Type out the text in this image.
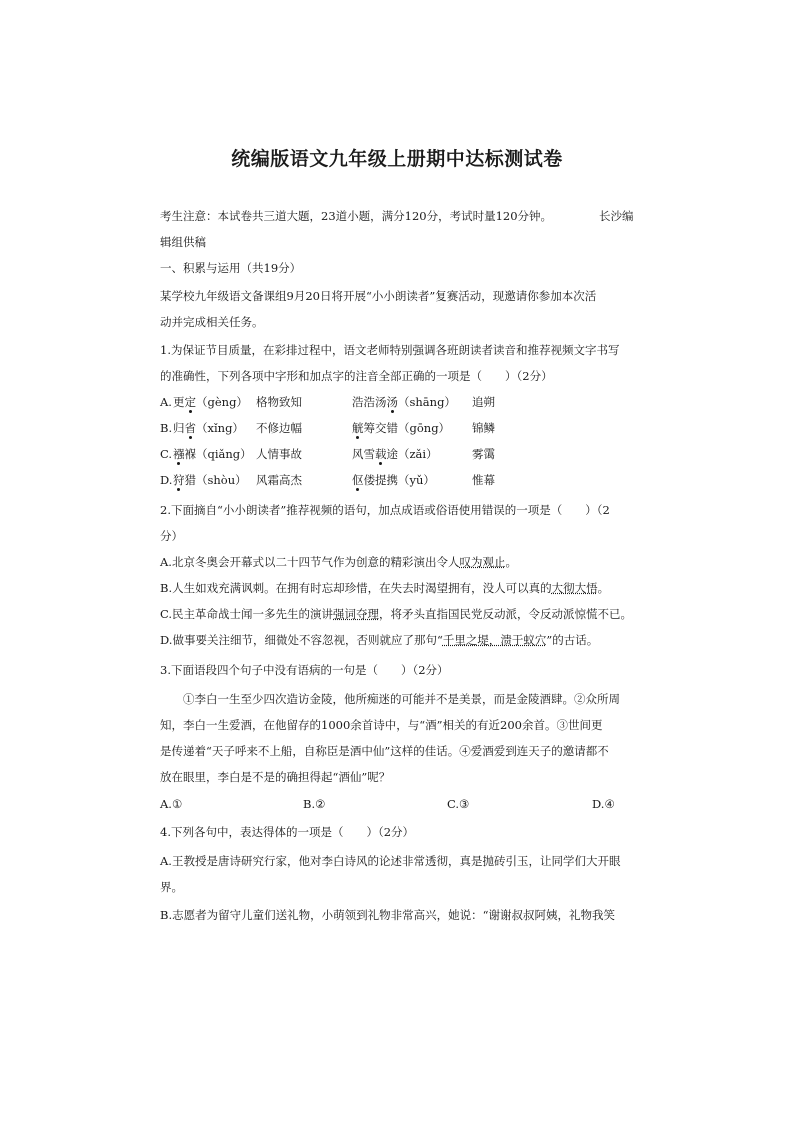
统编版语文九年级上册期中达标测试卷
考生注意：本试卷共三道大题，23道小题，满分120分，考试时量120分钟。	长沙编
辑组供稿
一、积累与运用（共19分）
某学校九年级语文备课组9月20日将开展“小小朗读者”复赛活动，现邀请你参加本次活
动并完成相关任务。
1.为保证节目质量，在彩排过程中，语文老师特别强调各班朗读者读音和推荐视频文字书写
的准确性，下列各项中字形和加点字的注音全部正确的一项是（　　）（2分）
A. 更定（gèng） 格物致知	浩浩汤汤（shāng） 追朔
B. 归省（xǐng） 不修边幅	觥筹交错（gōng） 锦鳞
C. 襁褓（qiǎng） 人情事故	风雪载途（zǎi）	雾霭
D. 狩猎（shòu） 风霜高杰	伛偻提携（yǔ）	惟幕
2.下面摘自“小小朗读者”推荐视频的语句，加点成语或俗语使用错误的一项是（　　）（2
分）
A.北京冬奥会开幕式以二十四节气作为创意的精彩演出令人叹为观止。
B.人生如戏充满讽刺。在拥有时忘却珍惜，在失去时渴望拥有，没人可以真的大彻大悟。
C.民主革命战士闻一多先生的演讲强词夺理，将矛头直指国民党反动派，令反动派惊慌不已。
D.做事要关注细节，细微处不容忽视，否则就应了那句“千里之堤，溃于蚁穴”的古话。
3.下面语段四个句子中没有语病的一句是（　　）（2分）
①李白一生至少四次造访金陵，他所痴迷的可能并不是美景，而是金陵酒肆。②众所周
知，李白一生爱酒，在他留存的1000余首诗中，与“酒”相关的有近200余首。③世间更
是传递着“天子呼来不上船，自称臣是酒中仙”这样的佳话。④爱酒爱到连天子的邀请都不
放在眼里，李白是不是的确担得起“酒仙”呢？
A.①	B.②	C.③	D.④
4.下列各句中，表达得体的一项是（　　）（2分）
A.王教授是唐诗研究行家，他对李白诗风的论述非常透彻，真是抛砖引玉，让同学们大开眼
界。
B.志愿者为留守儿童们送礼物，小萌领到礼物非常高兴，她说：“谢谢叔叔阿姨，礼物我笑
